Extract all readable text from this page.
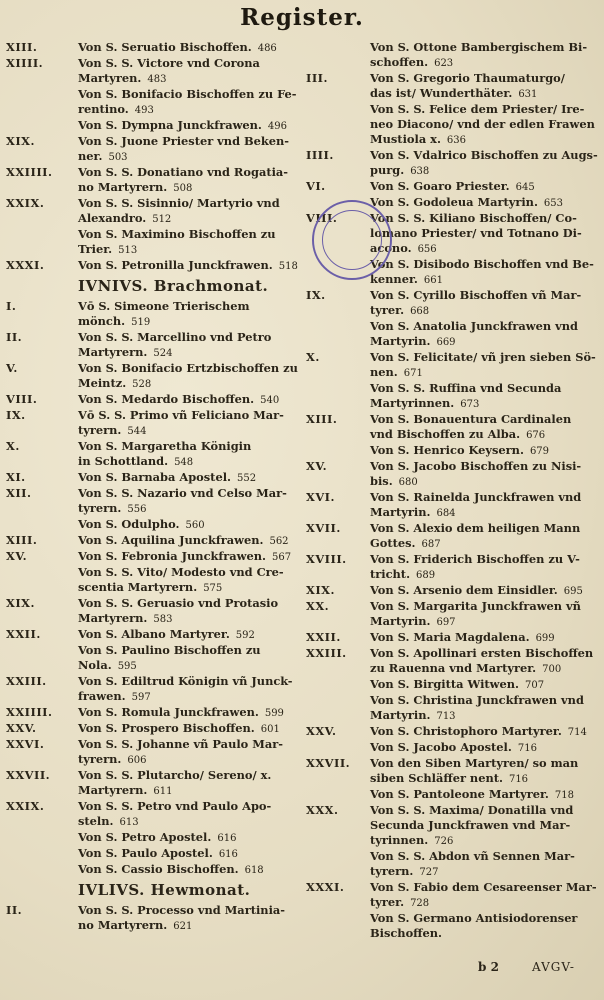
Register.
XIII.	Von S. Seruatio Bischoffen. 486
XIIII.	Von S. S. Victore vnd Corona
Martyren. 483
Von S. Bonifacio Bischoffen zu Fe-
rentino. 493
Von S. Dympna Junckfrawen. 496
XIX.	Von S. Juone Priester vnd Beken-
ner. 503
XXIIII.	Von S. S. Donatiano vnd Rogatia-
no Martyrern. 508
XXIX.	Von S. S. Sisinnio/ Martyrio vnd
Alexandro. 512
Von S. Maximino Bischoffen zu
Trier. 513
XXXI.	Von S. Petronilla Junckfrawen. 518
IVNIVS. Brachmonat.
I.	Vō S. Simeone Trierischem mönch. 519
II.	Von S. S. Marcellino vnd Petro
Martyrern. 524
V.	Von S. Bonifacio Ertzbischoffen zu
Meintz. 528
VIII.	Von S. Medardo Bischoffen. 540
IX.	Vō S. S. Primo vñ Feliciano Mar-
tyrern. 544
X.	Von S. Margaretha Königin
in Schottland. 548
XI.	Von S. Barnaba Apostel. 552
XII.	Von S. S. Nazario vnd Celso Mar-
tyrern. 556
Von S. Odulpho. 560
XIII.	Von S. Aquilina Junckfrawen. 562
XV.	Von S. Febronia Junckfrawen. 567
Von S. S. Vito/ Modesto vnd Cre-
scentia Martyrern. 575
XIX.	Von S. S. Geruasio vnd Protasio
Martyrern. 583
XXII.	Von S. Albano Martyrer. 592
Von S. Paulino Bischoffen zu Nola. 595
XXIII.	Von S. Ediltrud Königin vñ Junck-
frawen. 597
XXIIII.	Von S. Romula Junckfrawen. 599
XXV.	Von S. Prospero Bischoffen. 601
XXVI.	Von S. S. Johanne vñ Paulo Mar-
tyrern. 606
XXVII.	Von S. S. Plutarcho/ Sereno/ x.
Martyrern. 611
XXIX.	Von S. S. Petro vnd Paulo Apo-
steln. 613
Von S. Petro Apostel. 616
Von S. Paulo Apostel. 616
Von S. Cassio Bischoffen. 618
IVLIVS. Hewmonat.
II.	Von S. S. Processo vnd Martinia-
no Martyrern. 621
Von S. Ottone Bambergischem Bi-
schoffen. 623
III.	Von S. Gregorio Thaumaturgo/
das ist/ Wunderthäter. 631
Von S. S. Felice dem Priester/ Ire-
neo Diacono/ vnd der edlen Frawen
Mustiola x. 636
IIII.	Von S. Vdalrico Bischoffen zu Augs-
purg. 638
VI.	Von S. Goaro Priester. 645
Von S. Godoleua Martyrin. 653
VIII.	Von S. S. Kiliano Bischoffen/ Co-
lomano Priester/ vnd Totnano Di-
acono. 656
Von S. Disibodo Bischoffen vnd Be-
kenner. 661
IX.	Von S. Cyrillo Bischoffen vñ Mar-
tyrer. 668
Von S. Anatolia Junckfrawen vnd
Martyrin. 669
X.	Von S. Felicitate/ vñ jren sieben Sö-
nen. 671
Von S. S. Ruffina vnd Secunda
Martyrinnen. 673
XIII.	Von S. Bonauentura Cardinalen
vnd Bischoffen zu Alba. 676
Von S. Henrico Keysern. 679
XV.	Von S. Jacobo Bischoffen zu Nisi-
bis. 680
XVI.	Von S. Rainelda Junckfrawen vnd
Martyrin. 684
XVII.	Von S. Alexio dem heiligen Mann
Gottes. 687
XVIII.	Von S. Friderich Bischoffen zu V-
tricht. 689
XIX.	Von S. Arsenio dem Einsidler. 695
XX.	Von S. Margarita Junckfrawen vñ
Martyrin. 697
XXII.	Von S. Maria Magdalena. 699
XXIII.	Von S. Apollinari ersten Bischoffen
zu Rauenna vnd Martyrer. 700
Von S. Birgitta Witwen. 707
Von S. Christina Junckfrawen vnd
Martyrin. 713
XXV.	Von S. Christophoro Martyrer. 714
Von S. Jacobo Apostel. 716
XXVII.	Von den Siben Martyren/ so man
siben Schläffer nent. 716
Von S. Pantoleone Martyrer. 718
XXX.	Von S. S. Maxima/ Donatilla vnd
Secunda Junckfrawen vnd Mar-
tyrinnen. 726
Von S. S. Abdon vñ Sennen Mar-
tyrern. 727
XXXI.	Von S. Fabio dem Cesareenser Mar-
tyrer. 728
Von S. Germano Antisiodorenser
Bischoffen.
b 2	AVGV-
